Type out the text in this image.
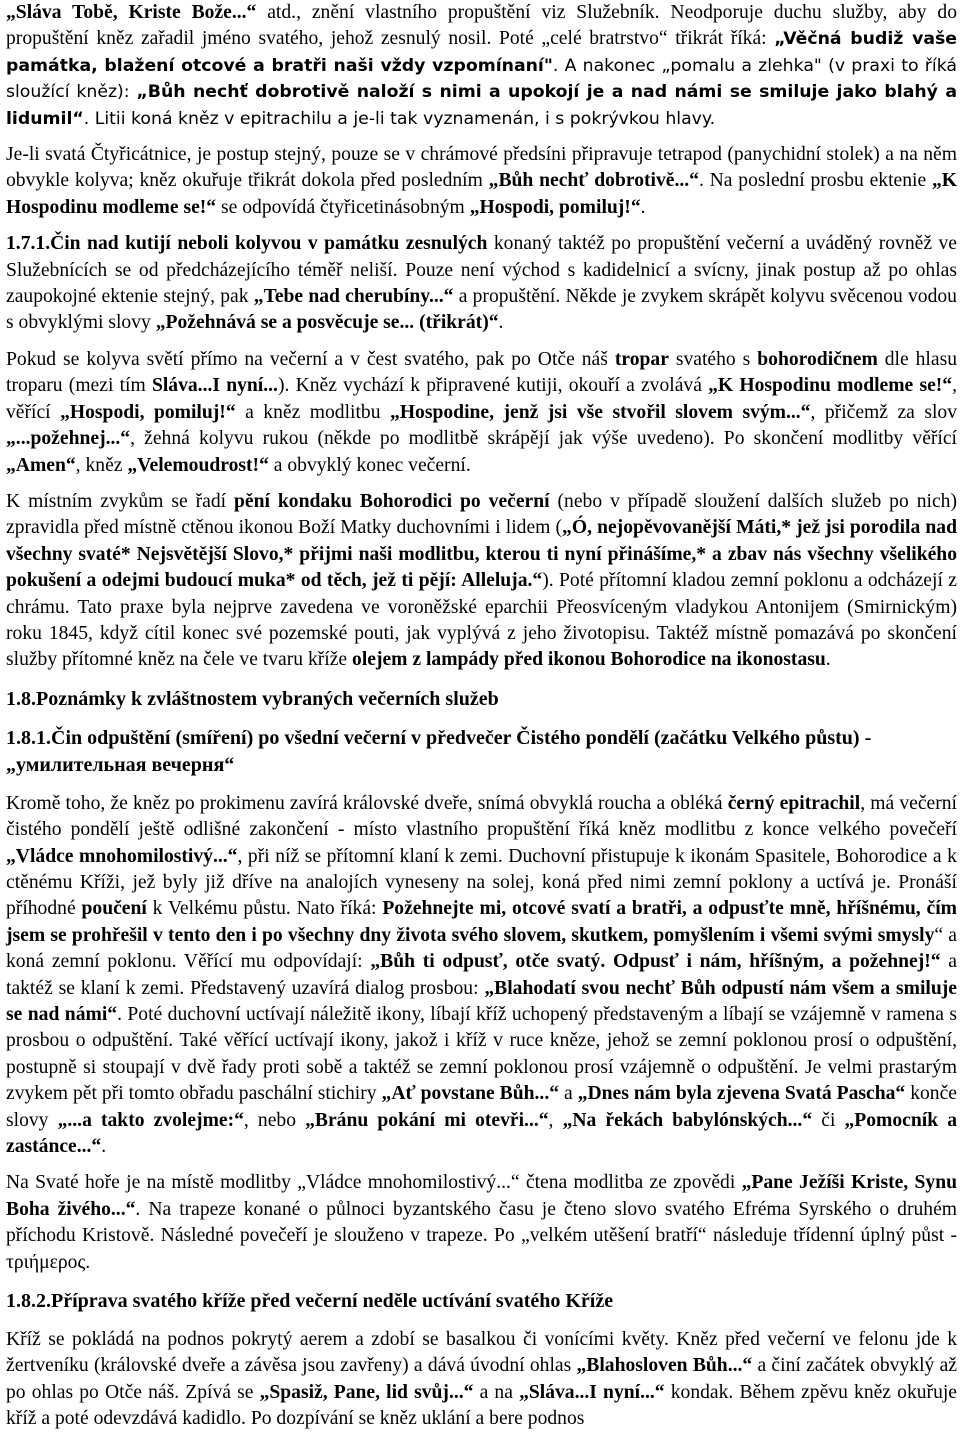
„Sláva Tobě, Kriste Bože...“ atd., znění vlastního propuštění viz Služebník. Neodporuje duchu služby, aby do propuštění kněz zařadil jméno svatého, jehož zesnulý nosil. Poté „celé bratrstvo“ třikrát říká: „Věčná budiž vaše památka, blažení otcové a bratři naši vždy vzpomínaní". A nakonec „pomalu a zlehka" (v praxi to říká sloužící kněz): „Bůh nechť dobrotivě naloží s nimi a upokojí je a nad námi se smiluje jako blahý a lidumil“. Litii koná kněz v epitrachilu a je-li tak vyznamenán, i s pokrývkou hlavy.
Je-li svatá Čtyřicátnice, je postup stejný, pouze se v chrámové předsíni připravuje tetrapod (panychidní stolek) a na něm obvykle kolyva; kněz okuřuje třikrát dokola před posledním „Bůh nechť dobrotivě...“. Na poslední prosbu ektenie „K Hospodinu modleme se!“ se odpovídá čtyřicetinásobným „Hospodi, pomiluj!“.
1.7.1.Čin nad kutijí neboli kolyvou v památku zesnulých konaný taktéž po propuštění večerní a uváděný rovněž ve Služebnících se od předcházejícího téměř neliší. Pouze není východ s kadidelnicí a svícny, jinak postup až po ohlas zaupokojné ektenie stejný, pak „Tebe nad cherubíny...“ a propuštění. Někde je zvykem skrápět kolyvu svěcenou vodou s obvyklými slovy „Požehnává se a posvěcuje se... (třikrát)“.
Pokud se kolyva světí přímo na večerní a v čest svatého, pak po Otče náš tropar svatého s bohorodičnem dle hlasu troparu (mezi tím Sláva...I nyní...). Kněz vychází k připravené kutiji, okouří a zvolává „K Hospodinu modleme se!“, věřící „Hospodi, pomiluj!“ a kněz modlitbu „Hospodine, jenž jsi vše stvořil slovem svým...“, přičemž za slov „...požehnej...“, žehná kolyvu rukou (někde po modlitbě skrápějí jak výše uvedeno). Po skončení modlitby věřící „Amen“, kněz „Velemoudrost!“ a obvyklý konec večerní.
K místním zvykům se řadí pění kondaku Bohorodici po večerní (nebo v případě sloužení dalších služeb po nich) zpravidla před místně ctěnou ikonou Boží Matky duchovními i lidem („Ó, nejopěvovanější Máti,* jež jsi porodila nad všechny svaté* Nejsvětější Slovo,* přijmi naši modlitbu, kterou ti nyní přinášíme,* a zbav nás všechny všelikého pokušení a odejmi budoucí muka* od těch, jež ti pějí: Alleluja.“). Poté přítomní kladou zemní poklonu a odcházejí z chrámu. Tato praxe byla nejprve zavedena ve voroněžské eparchii Přeosvíceným vladykou Antonijem (Smirnickým) roku 1845, když cítil konec své pozemské pouti, jak vyplývá z jeho životopisu. Taktéž místně pomazává po skončení služby přítomné kněz na čele ve tvaru kříže olejem z lampády před ikonou Bohorodice na ikonostasu.
1.8.Poznámky k zvláštnostem vybraných večerních služeb
1.8.1.Čin odpuštění (smíření) po všední večerní v předvečer Čistého pondělí (začátku Velkého půstu) - „умилительная вечерня“
Kromě toho, že kněz po prokimenu zavírá královské dveře, snímá obvyklá roucha a obléká černý epitrachil, má večerní čistého pondělí ještě odlišné zakončení - místo vlastního propuštění říká kněz modlitbu z konce velkého povečeří „Vládce mnohomilostivý...“, při níž se přítomní klaní k zemi. Duchovní přistupuje k ikonám Spasitele, Bohorodice a k ctěnému Kříži, jež byly již dříve na analojích vyneseny na solej, koná před nimi zemní poklony a uctívá je. Pronáší příhodné poučení k Velkému půstu. Nato říká: Požehnejte mi, otcové svatí a bratři, a odpusťte mně, hříšnému, čím jsem se prohřešil v tento den i po všechny dny života svého slovem, skutkem, pomyšlením i všemi svými smysly“ a koná zemní poklonu. Věřící mu odpovídají: „Bůh ti odpusť, otče svatý. Odpusť i nám, hříšným, a požehnej!“ a taktéž se klaní k zemi. Představený uzavírá dialog prosbou: „Blahodatí svou nechť Bůh odpustí nám všem a smiluje se nad námi“. Poté duchovní uctívají náležitě ikony, líbají kříž uchopený představeným a líbají se vzájemně v ramena s prosbou o odpuštění. Také věřící uctívají ikony, jakož i kříž v ruce kněze, jehož se zemní poklonou prosí o odpuštění, postupně si stoupají v dvě řady proti sobě a taktéž se zemní poklonou prosí vzájemně o odpuštění. Je velmi prastarým zvykem pět při tomto obřadu paschální stichiry „Ať povstane Bůh...“ a „Dnes nám byla zjevena Svatá Pascha“ konče slovy „...a takto zvolejme:“, nebo „Bránu pokání mi otevři...“, „Na řekách babylónských...“ či „Pomocník a zastánce...“.
Na Svaté hoře je na místě modlitby „Vládce mnohomilostivý...“ čtena modlitba ze zpovědi „Pane Ježíši Kriste, Synu Boha živého...“. Na trapeze konané o půlnoci byzantského času je čteno slovo svatého Efréma Syrského o druhém příchodu Kristově. Následné povečeří je slouženo v trapeze. Po „velkém utěšení bratří“ následuje třídenní úplný půst - τριήμερος.
1.8.2.Příprava svatého kříže před večerní neděle uctívání svatého Kříže
Kříž se pokládá na podnos pokrytý aerem a zdobí se basalkou či vonícími květy. Kněz před večerní ve felonu jde k žertveníku (královské dveře a závěsa jsou zavřeny) a dává úvodní ohlas „Blahosloven Bůh...“ a činí začátek obvyklý až po ohlas po Otče náš. Zpívá se „Spasiž, Pane, lid svůj...“ a na „Sláva...I nyní...“ kondak. Během zpěvu kněz okuřuje kříž a poté odevzdává kadidlo. Po dozpívání se kněz uklání a bere podnos
